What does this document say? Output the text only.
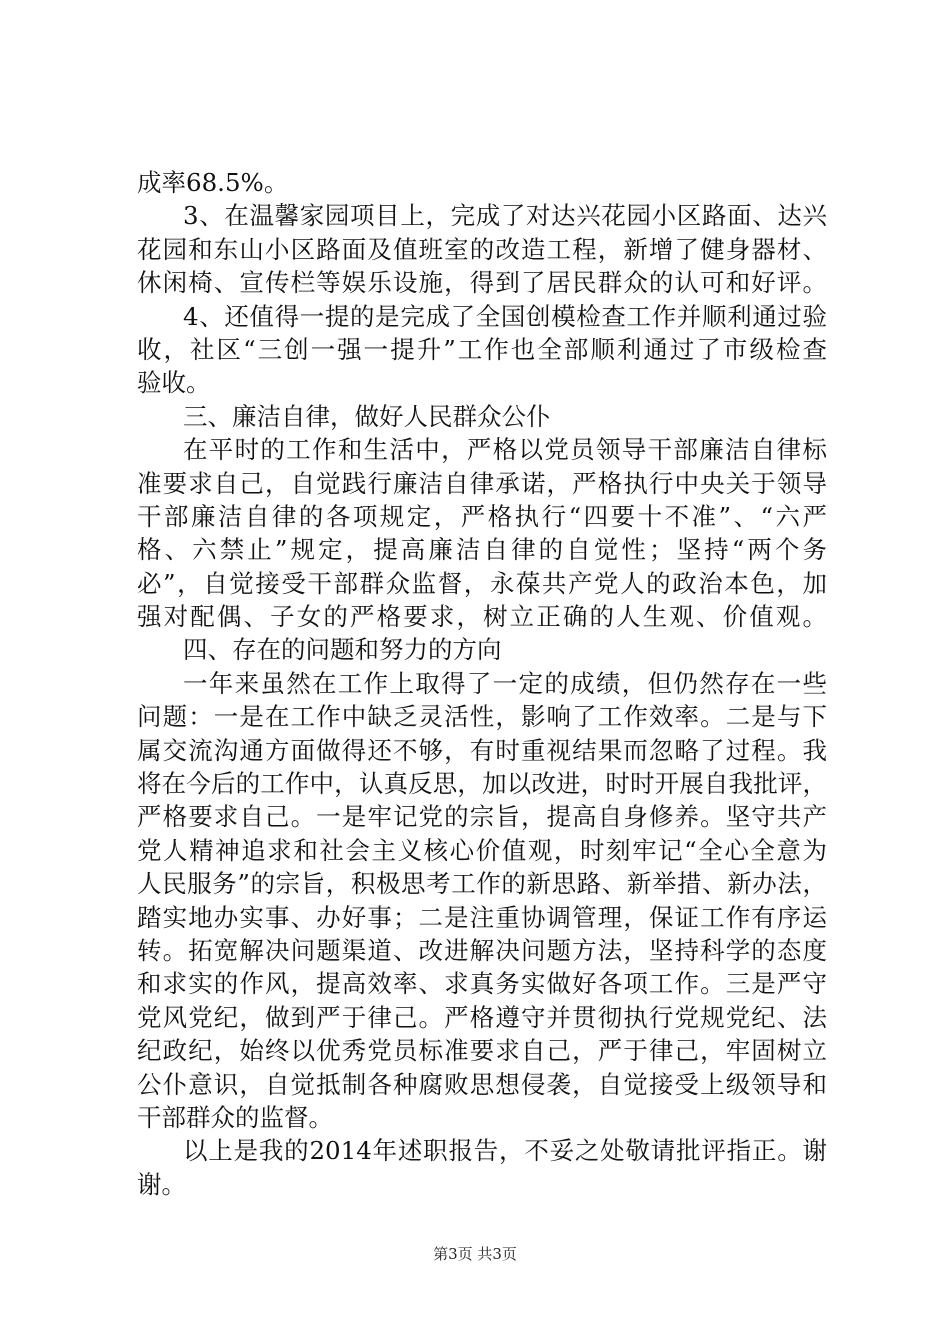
成率68.5%。
3、在温馨家园项目上，完成了对达兴花园小区路面、达兴
花园和东山小区路面及值班室的改造工程，新增了健身器材、
休闲椅、宣传栏等娱乐设施，得到了居民群众的认可和好评。
4、还值得一提的是完成了全国创模检查工作并顺利通过验
收，社区“三创一强一提升”工作也全部顺利通过了市级检查
验收。
三、廉洁自律，做好人民群众公仆
在平时的工作和生活中，严格以党员领导干部廉洁自律标
准要求自己，自觉践行廉洁自律承诺，严格执行中央关于领导
干部廉洁自律的各项规定，严格执行“四要十不准”、“六严
格、六禁止”规定，提高廉洁自律的自觉性；坚持“两个务
必”，自觉接受干部群众监督，永葆共产党人的政治本色，加
强对配偶、子女的严格要求，树立正确的人生观、价值观。
四、存在的问题和努力的方向
一年来虽然在工作上取得了一定的成绩，但仍然存在一些
问题：一是在工作中缺乏灵活性，影响了工作效率。二是与下
属交流沟通方面做得还不够，有时重视结果而忽略了过程。我
将在今后的工作中，认真反思，加以改进，时时开展自我批评，
严格要求自己。一是牢记党的宗旨，提高自身修养。坚守共产
党人精神追求和社会主义核心价值观，时刻牢记“全心全意为
人民服务”的宗旨，积极思考工作的新思路、新举措、新办法，
踏实地办实事、办好事；二是注重协调管理，保证工作有序运
转。拓宽解决问题渠道、改进解决问题方法，坚持科学的态度
和求实的作风，提高效率、求真务实做好各项工作。三是严守
党风党纪，做到严于律己。严格遵守并贯彻执行党规党纪、法
纪政纪，始终以优秀党员标准要求自己，严于律己，牢固树立
公仆意识，自觉抵制各种腐败思想侵袭，自觉接受上级领导和
干部群众的监督。
以上是我的2014年述职报告，不妥之处敬请批评指正。谢
谢。
第3页 共3页
